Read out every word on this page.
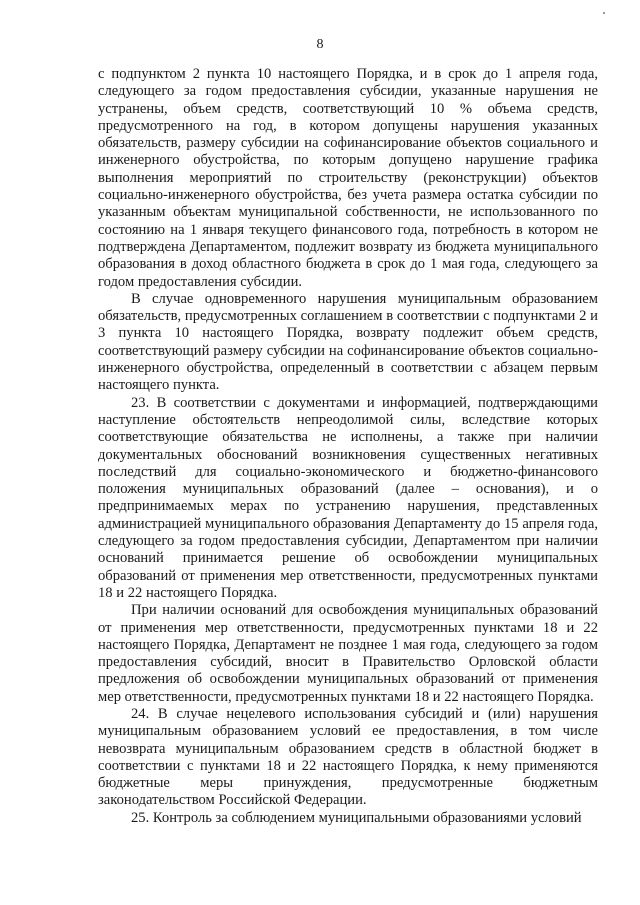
8

с подпунктом 2 пункта 10 настоящего Порядка, и в срок до 1 апреля года, следующего за годом предоставления субсидии, указанные нарушения не устранены, объем средств, соответствующий 10 % объема средств, предусмотренного на год, в котором допущены нарушения указанных обязательств, размеру субсидии на софинансирование объектов социального и инженерного обустройства, по которым допущено нарушение графика выполнения мероприятий по строительству (реконструкции) объектов социально-инженерного обустройства, без учета размера остатка субсидии по указанным объектам муниципальной собственности, не использованного по состоянию на 1 января текущего финансового года, потребность в котором не подтверждена Департаментом, подлежит возврату из бюджета муниципального образования в доход областного бюджета в срок до 1 мая года, следующего за годом предоставления субсидии.

В случае одновременного нарушения муниципальным образованием обязательств, предусмотренных соглашением в соответствии с подпунктами 2 и 3 пункта 10 настоящего Порядка, возврату подлежит объем средств, соответствующий размеру субсидии на софинансирование объектов социально-инженерного обустройства, определенный в соответствии с абзацем первым настоящего пункта.

23. В соответствии с документами и информацией, подтверждающими наступление обстоятельств непреодолимой силы, вследствие которых соответствующие обязательства не исполнены, а также при наличии документальных обоснований возникновения существенных негативных последствий для социально-экономического и бюджетно-финансового положения муниципальных образований (далее – основания), и о предпринимаемых мерах по устранению нарушения, представленных администрацией муниципального образования Департаменту до 15 апреля года, следующего за годом предоставления субсидии, Департаментом при наличии оснований принимается решение об освобождении муниципальных образований от применения мер ответственности, предусмотренных пунктами 18 и 22 настоящего Порядка.

При наличии оснований для освобождения муниципальных образований от применения мер ответственности, предусмотренных пунктами 18 и 22 настоящего Порядка, Департамент не позднее 1 мая года, следующего за годом предоставления субсидий, вносит в Правительство Орловской области предложения об освобождении муниципальных образований от применения мер ответственности, предусмотренных пунктами 18 и 22 настоящего Порядка.

24. В случае нецелевого использования субсидий и (или) нарушения муниципальным образованием условий ее предоставления, в том числе невозврата муниципальным образованием средств в областной бюджет в соответствии с пунктами 18 и 22 настоящего Порядка, к нему применяются бюджетные меры принуждения, предусмотренные бюджетным законодательством Российской Федерации.

25. Контроль за соблюдением муниципальными образованиями условий
